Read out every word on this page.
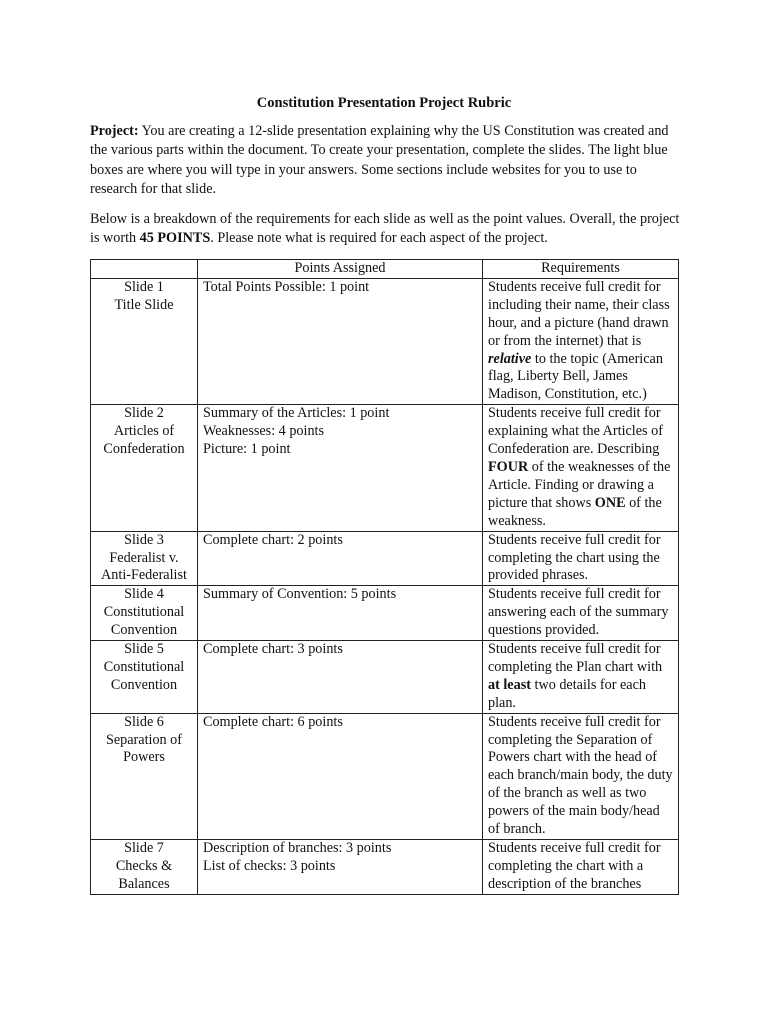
Constitution Presentation Project Rubric
Project: You are creating a 12-slide presentation explaining why the US Constitution was created and the various parts within the document. To create your presentation, complete the slides. The light blue boxes are where you will type in your answers. Some sections include websites for you to use to research for that slide.
Below is a breakdown of the requirements for each slide as well as the point values. Overall, the project is worth 45 POINTS. Please note what is required for each aspect of the project.
	Points Assigned	Requirements

Slide 1
Title Slide	Total Points Possible: 1 point	Students receive full credit for including their name, their class hour, and a picture (hand drawn or from the internet) that is relative to the topic (American flag, Liberty Bell, James Madison, Constitution, etc.)

Slide 2
Articles of
Confederation	Summary of the Articles: 1 point
Weaknesses: 4 points
Picture: 1 point	Students receive full credit for explaining what the Articles of Confederation are. Describing FOUR of the weaknesses of the Article. Finding or drawing a picture that shows ONE of the weakness.

Slide 3
Federalist v.
Anti-Federalist	Complete chart: 2 points	Students receive full credit for completing the chart using the provided phrases.

Slide 4
Constitutional
Convention	Summary of Convention: 5 points	Students receive full credit for answering each of the summary questions provided.

Slide 5
Constitutional
Convention	Complete chart: 3 points	Students receive full credit for completing the Plan chart with at least two details for each plan.

Slide 6
Separation of
Powers	Complete chart: 6 points	Students receive full credit for completing the Separation of Powers chart with the head of each branch/main body, the duty of the branch as well as two powers of the main body/head of branch.

Slide 7
Checks &
Balances	Description of branches: 3 points
List of checks: 3 points	Students receive full credit for completing the chart with a description of the branches
